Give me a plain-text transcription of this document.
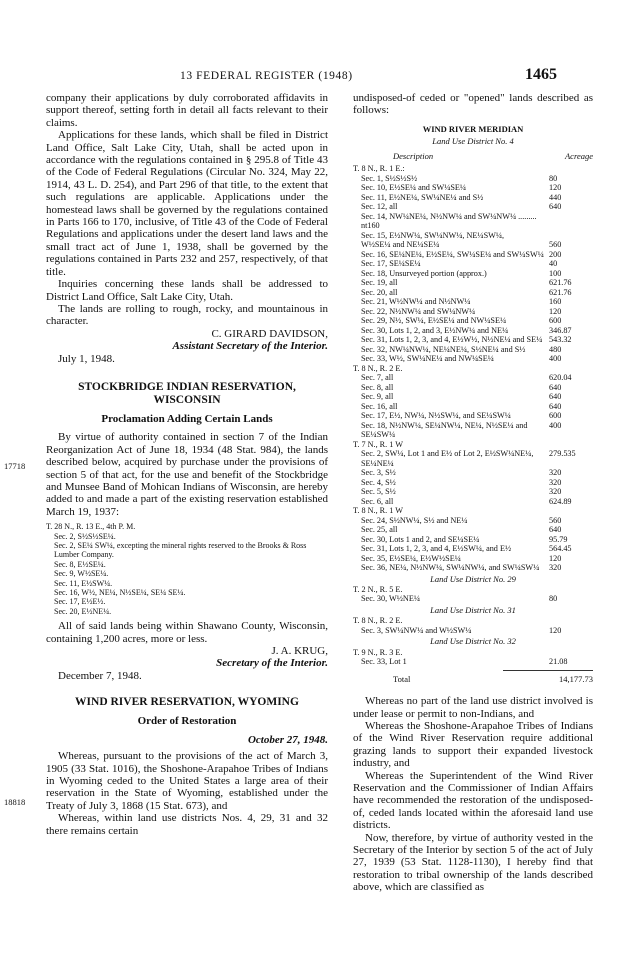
13 FEDERAL REGISTER (1948)	1465
17718
18818

company their applications by duly corroborated affidavits in support thereof, setting forth in detail all facts relevant to their claims.

Applications for these lands, which shall be filed in District Land Office, Salt Lake City, Utah, shall be acted upon in accordance with the regulations contained in § 295.8 of Title 43 of the Code of Federal Regulations (Circular No. 324, May 22, 1914, 43 L. D. 254), and Part 296 of that title, to the extent that such regulations are applicable. Applications under the homestead laws shall be governed by the regulations contained in Parts 166 to 170, inclusive, of Title 43 of the Code of Federal Regulations and applications under the desert land laws and the small tract act of June 1, 1938, shall be governed by the regulations contained in Parts 232 and 257, respectively, of that title.

Inquiries concerning these lands shall be addressed to District Land Office, Salt Lake City, Utah.

The lands are rolling to rough, rocky, and mountainous in character.

C. GIRARD DAVIDSON,
Assistant Secretary of the Interior.
July 1, 1948.
STOCKBRIDGE INDIAN RESERVATION, WISCONSIN
Proclamation Adding Certain Lands

By virtue of authority contained in section 7 of the Indian Reorganization Act of June 18, 1934 (48 Stat. 984), the lands described below, acquired by purchase under the provisions of section 5 of that act, for the use and benefit of the Stockbridge and Munsee Band of Mohican Indians of Wisconsin, are hereby added to and made a part of the existing reservation established March 19, 1937:

T. 28 N., R. 13 E., 4th P. M.
Sec. 2, S½S½SE¼.
Sec. 2, SE¼ SW¼, excepting the mineral rights reserved to the Brooks & Ross Lumber Company.
Sec. 8, E½SE¼.
Sec. 9, W½SE¼.
Sec. 11, E½SW¼.
Sec. 16, W½, NE¼, N½SE¼, SE¼ SE¼.
Sec. 17, E½E½.
Sec. 20, E½NE¼.

All of said lands being within Shawano County, Wisconsin, containing 1,200 acres, more or less.

J. A. KRUG,
Secretary of the Interior.
December 7, 1948.
WIND RIVER RESERVATION, WYOMING
Order of Restoration
October 27, 1948.

Whereas, pursuant to the provisions of the act of March 3, 1905 (33 Stat. 1016), the Shoshone-Arapahoe Tribes of Indians in Wyoming ceded to the United States a large area of their reservation in the State of Wyoming, established under the Treaty of July 3, 1868 (15 Stat. 673), and

Whereas, within land use districts Nos. 4, 29, 31 and 32 there remains certain

undisposed-of ceded or "opened" lands described as follows:

WIND RIVER MERIDIAN
Land Use District No. 4
Description	Acreage
T. 8 N., R. 1 E.:
Sec. 1, S½S½S½	80
Sec. 10, E½SE¼ and SW¼SE¼	120
Sec. 11, E½NE¼, SW¼NE¼ and S½	440
Sec. 12, all	640
Sec. 14, NW¼NE¼, N½NW¼ and SW¼NW¼ ......... nt160
Sec. 15, E½NW¼, SW¼NW¼, NE¼SW¼,
W½SE¼ and NE¼SE¼	560
Sec. 16, SE¼NE¼, E½SE¼, SW¼SE¼ and SW¼SW¼ 200
Sec. 17, SE¼SE¼	40
Sec. 18, Unsurveyed portion (approx.)	100
Sec. 19, all	621.76
Sec. 20, all	621.76
Sec. 21, W½NW¼ and N½NW¼	160
Sec. 22, N½NW¼ and SW¼NW¼	120
Sec. 29, N½, SW¼, E½SE¼ and NW¼SE¼	600
Sec. 30, Lots 1, 2, and 3, E½NW¼ and NE¼	346.87
Sec. 31, Lots 1, 2, 3, and 4, E½W½, N½NE¼ and SE¼ 543.32
Sec. 32, NW¼NW¼, NE¼NE¼, S½NE¼ and S½	480
Sec. 33, W½, SW¼NE¼ and NW¼SE¼	400
T. 8 N., R. 2 E.
Sec. 7, all	620.04
Sec. 8, all	640
Sec. 9, all	640
Sec. 16, all	640
Sec. 17, E½, NW¼, N½SW¼, and SE¼SW¼	600
Sec. 18, N½NW¼, SE¼NW¼, NE¼, N½SE¼ and SE¼SW¼
400
T. 7 N., R. 1 W
Sec. 2, SW¼, Lot 1 and E½ of Lot 2, E½SW¼NE¼, SE¼NE¼
279.535
Sec. 3, S½	320
Sec. 4, S½	320
Sec. 5, S½	320
Sec. 6, all	624.89
T. 8 N., R. 1 W
Sec. 24, S½NW¼, S½ and NE¼	560
Sec. 25, all	640
Sec. 30, Lots 1 and 2, and SE¼SE¼	95.79
Sec. 31, Lots 1, 2, 3, and 4, E½SW¼, and E½	564.45
Sec. 35, E½SE¼, E½W½SE¼	120
Sec. 36, NE¼, N½NW¼, SW¼NW¼, and SW¼SW¼	320
Land Use District No. 29
T. 2 N., R. 5 E.
Sec. 30, W½NE¼	80
Land Use District No. 31
T. 8 N., R. 2 E.
Sec. 3, SW¼NW¼ and W½SW¼	120
Land Use District No. 32
T. 9 N., R. 3 E.
Sec. 33, Lot 1	21.08
Total	14,177.73

Whereas no part of the land use district involved is under lease or permit to non-Indians, and

Whereas the Shoshone-Arapahoe Tribes of Indians of the Wind River Reservation require additional grazing lands to support their expanded livestock industry, and

Whereas the Superintendent of the Wind River Reservation and the Commissioner of Indian Affairs have recommended the restoration of the undisposed-of, ceded lands located within the aforesaid land use districts.

Now, therefore, by virtue of authority vested in the Secretary of the Interior by section 5 of the act of July 27, 1939 (53 Stat. 1128-1130), I hereby find that restoration to tribal ownership of the lands described above, which are classified as
